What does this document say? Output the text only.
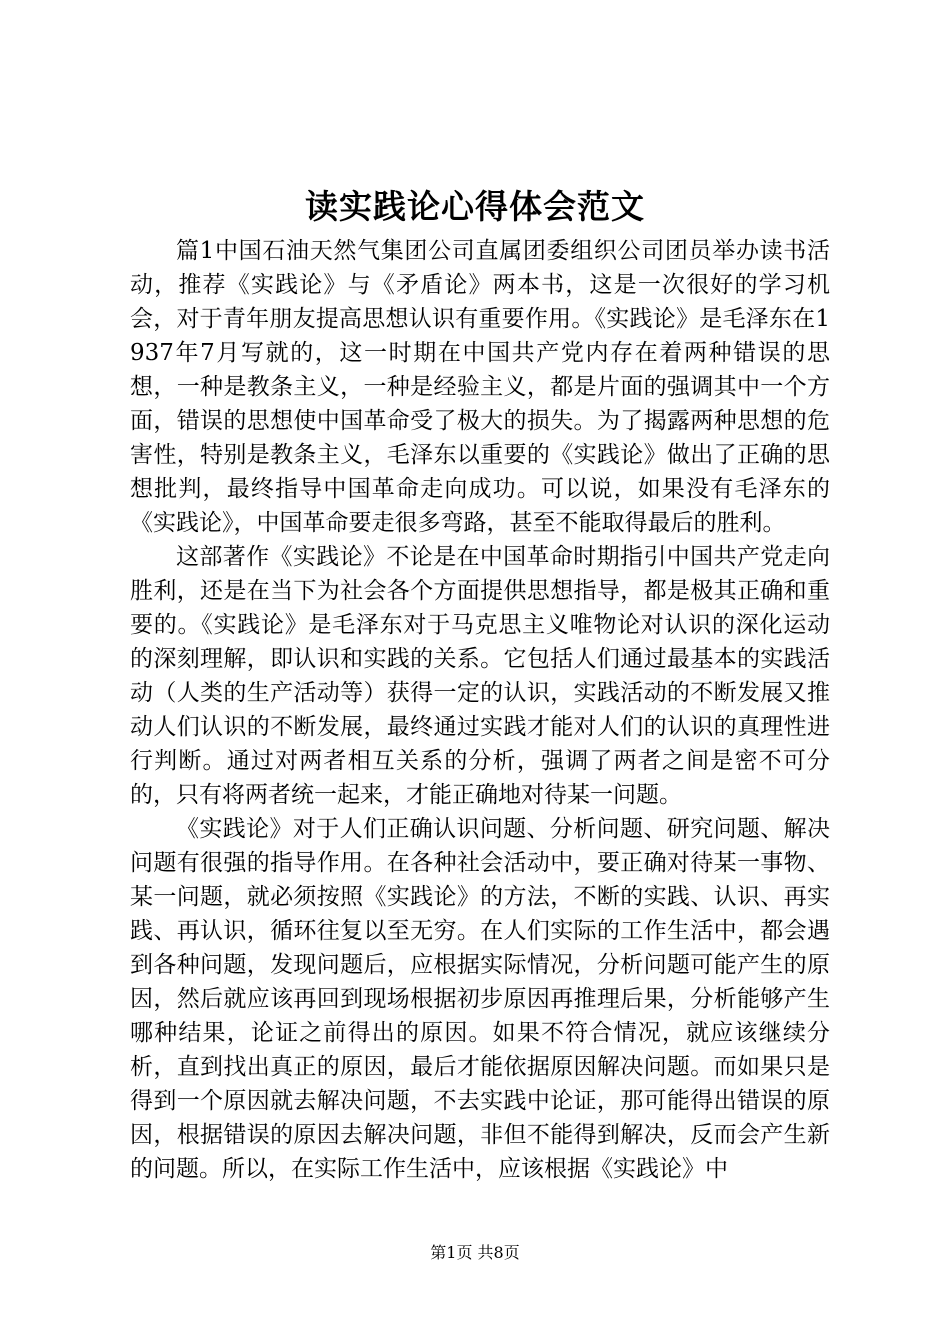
读实践论心得体会范文

篇1中国石油天然气集团公司直属团委组织公司团员举办读书活动，推荐《实践论》与《矛盾论》两本书，这是一次很好的学习机会，对于青年朋友提高思想认识有重要作用。《实践论》是毛泽东在1937年7月写就的，这一时期在中国共产党内存在着两种错误的思想，一种是教条主义，一种是经验主义，都是片面的强调其中一个方面，错误的思想使中国革命受了极大的损失。为了揭露两种思想的危害性，特别是教条主义，毛泽东以重要的《实践论》做出了正确的思想批判，最终指导中国革命走向成功。可以说，如果没有毛泽东的《实践论》，中国革命要走很多弯路，甚至不能取得最后的胜利。

这部著作《实践论》不论是在中国革命时期指引中国共产党走向胜利，还是在当下为社会各个方面提供思想指导，都是极其正确和重要的。《实践论》是毛泽东对于马克思主义唯物论对认识的深化运动的深刻理解，即认识和实践的关系。它包括人们通过最基本的实践活动（人类的生产活动等）获得一定的认识，实践活动的不断发展又推动人们认识的不断发展，最终通过实践才能对人们的认识的真理性进行判断。通过对两者相互关系的分析，强调了两者之间是密不可分的，只有将两者统一起来，才能正确地对待某一问题。

《实践论》对于人们正确认识问题、分析问题、研究问题、解决问题有很强的指导作用。在各种社会活动中，要正确对待某一事物、某一问题，就必须按照《实践论》的方法，不断的实践、认识、再实践、再认识，循环往复以至无穷。在人们实际的工作生活中，都会遇到各种问题，发现问题后，应根据实际情况，分析问题可能产生的原因，然后就应该再回到现场根据初步原因再推理后果，分析能够产生哪种结果，论证之前得出的原因。如果不符合情况，就应该继续分析，直到找出真正的原因，最后才能依据原因解决问题。而如果只是得到一个原因就去解决问题，不去实践中论证，那可能得出错误的原因，根据错误的原因去解决问题，非但不能得到解决，反而会产生新的问题。所以，在实际工作生活中，应该根据《实践论》中

第1页 共8页
